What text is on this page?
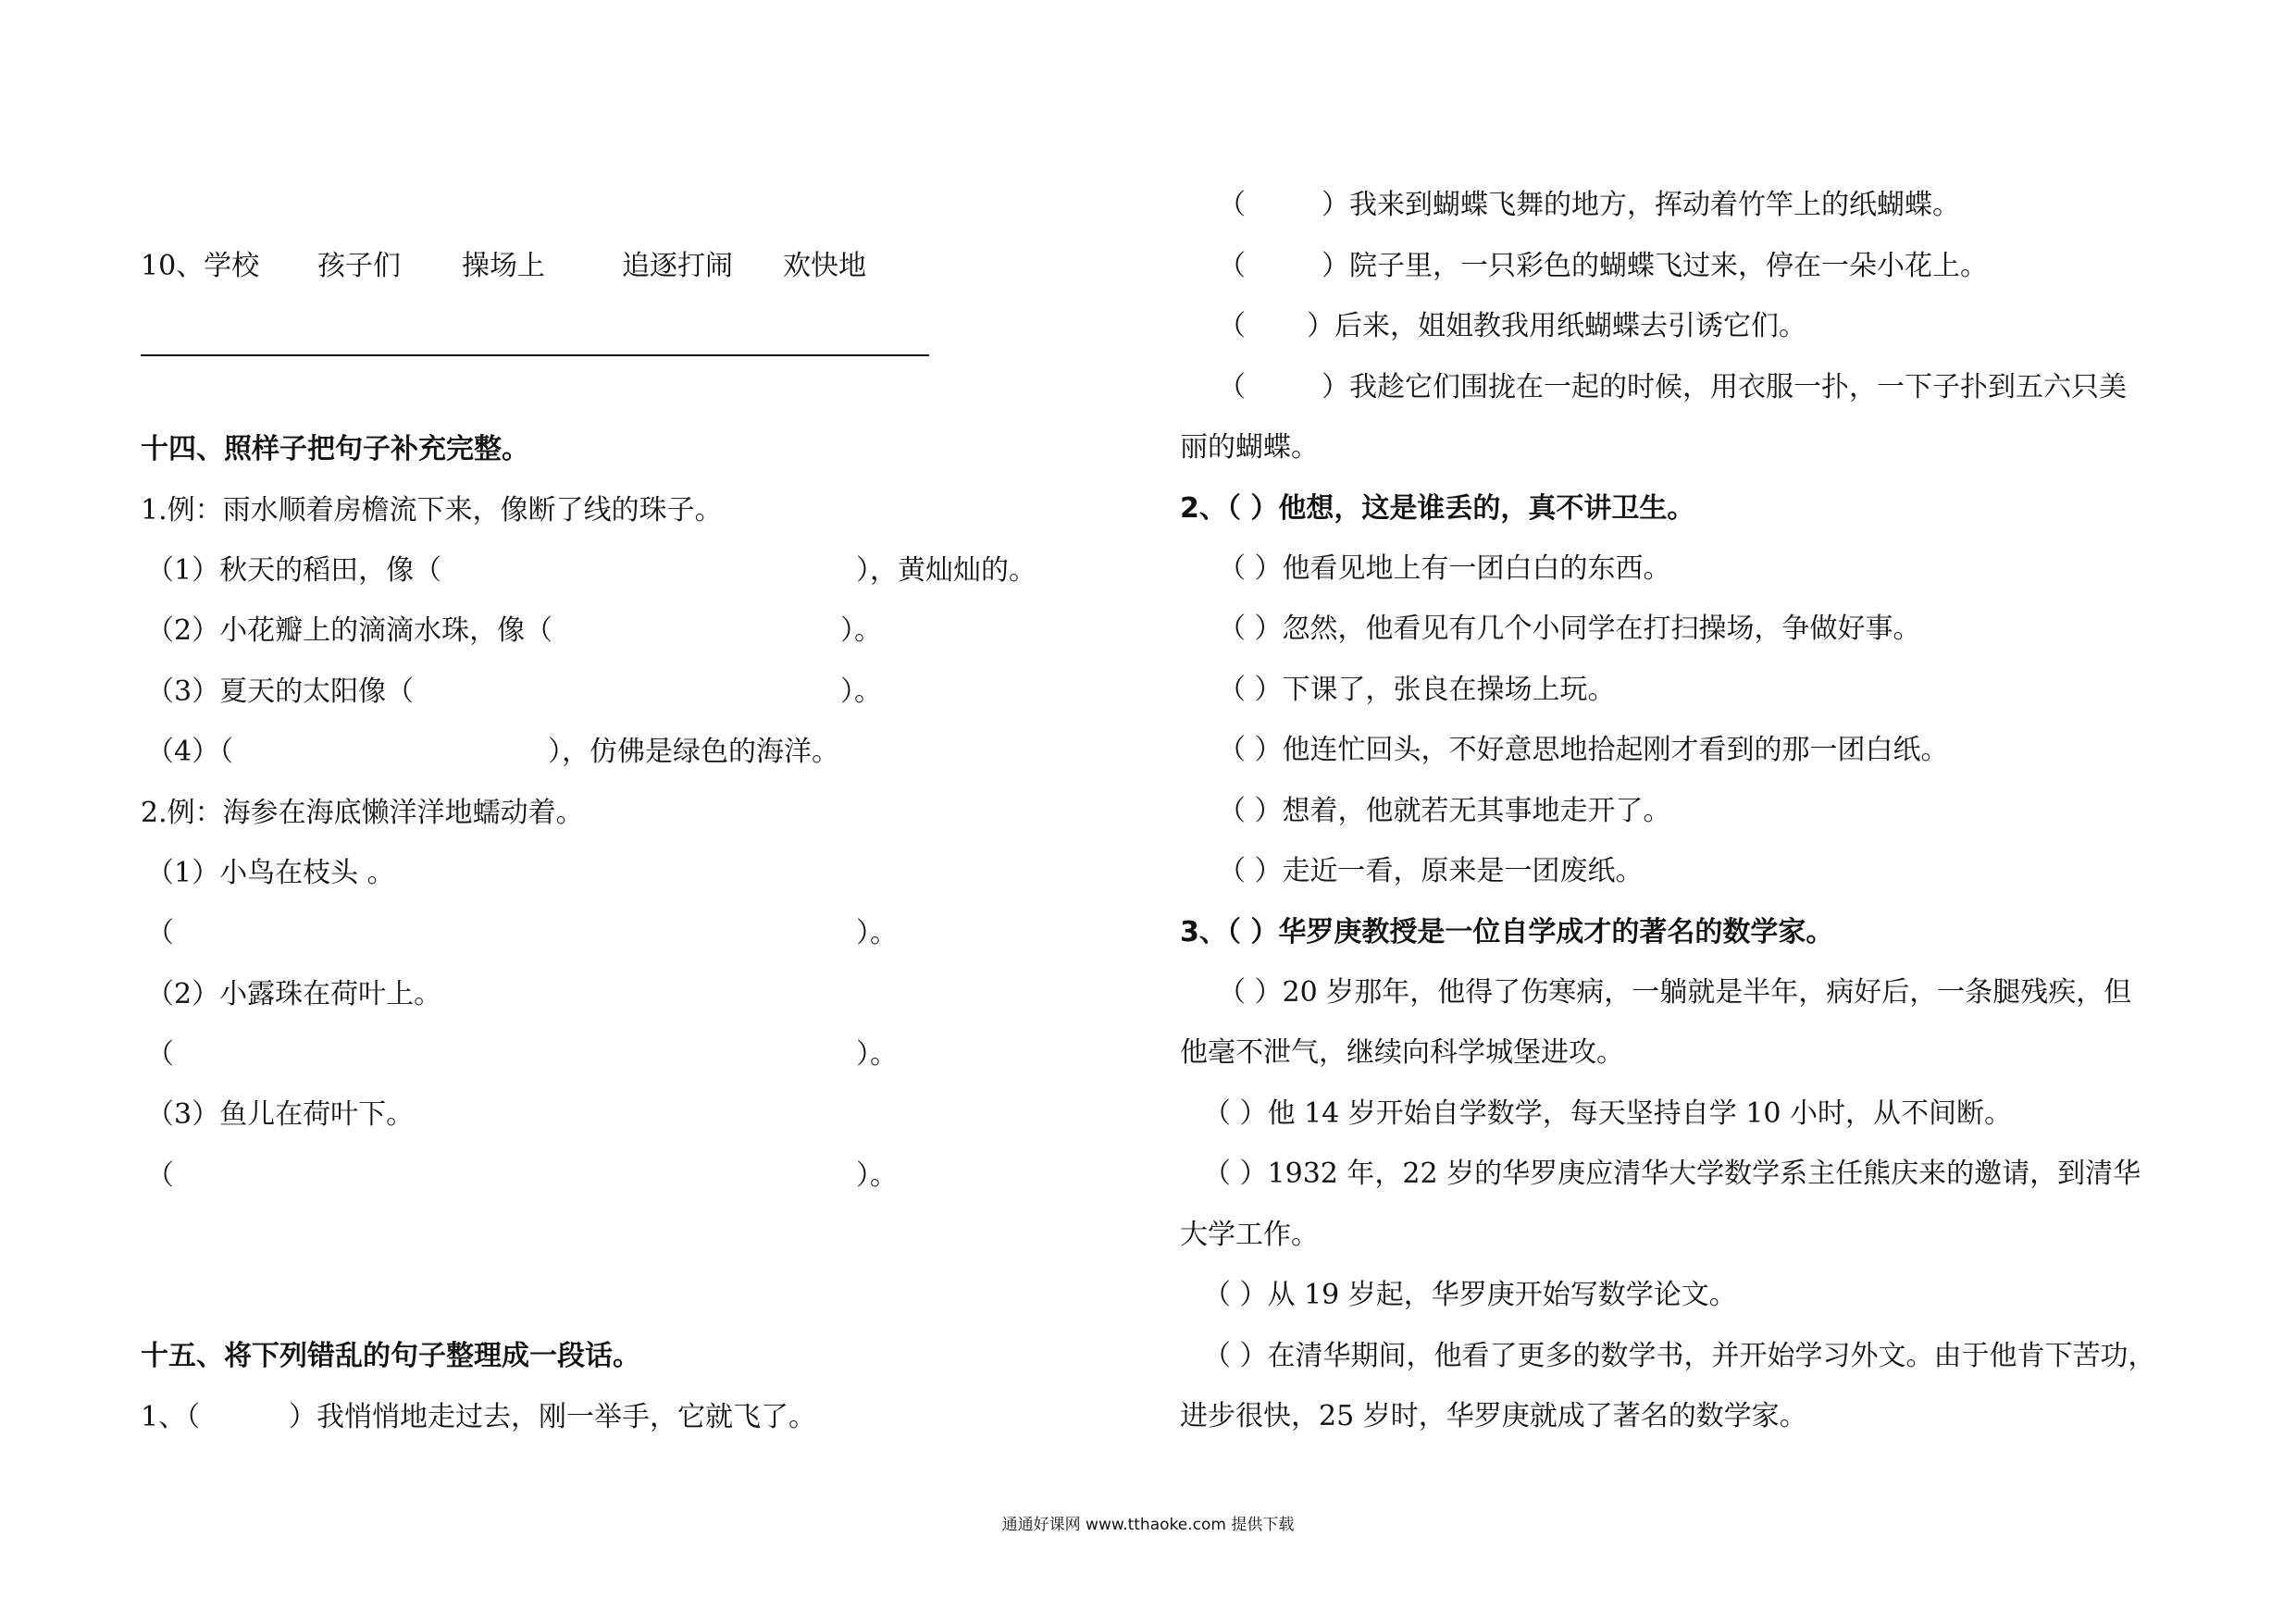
10、学校 孩子们 操场上	追逐打闹 欢快地
十四、照样子把句子补充完整。
1.例：雨水顺着房檐流下来，像断了线的珠子。
（1）秋天的稻田，像（	），黄灿灿的。
（2）小花瓣上的滴滴水珠，像（	）。
（3）夏天的太阳像（	）。
（4）（	），仿佛是绿色的海洋。
2.例：海参在海底懒洋洋地蠕动着。
（1）小鸟在枝头 。
（	）。
（2）小露珠在荷叶上。
（	）。
（3）鱼儿在荷叶下。
（	）。
十五、将下列错乱的句子整理成一段话。
1、（	）我悄悄地走过去，刚一举手，它就飞了。
（	）我来到蝴蝶飞舞的地方，挥动着竹竿上的纸蝴蝶。
（	）院子里，一只彩色的蝴蝶飞过来，停在一朵小花上。
（ ）后来，姐姐教我用纸蝴蝶去引诱它们。
（	）我趁它们围拢在一起的时候，用衣服一扑，一下子扑到五六只美
丽的蝴蝶。
2、（ ）他想，这是谁丢的，真不讲卫生。
（ ）他看见地上有一团白白的东西。
（ ）忽然，他看见有几个小同学在打扫操场，争做好事。
（ ）下课了，张良在操场上玩。
（ ）他连忙回头，不好意思地拾起刚才看到的那一团白纸。
（ ）想着，他就若无其事地走开了。
（ ）走近一看，原来是一团废纸。
3、（ ）华罗庚教授是一位自学成才的著名的数学家。
（ ）20 岁那年，他得了伤寒病，一躺就是半年，病好后，一条腿残疾，但
他毫不泄气，继续向科学城堡进攻。
（ ）他 14 岁开始自学数学，每天坚持自学 10 小时，从不间断。
（ ）1932 年，22 岁的华罗庚应清华大学数学系主任熊庆来的邀请，到清华
大学工作。
（ ）从 19 岁起，华罗庚开始写数学论文。
（ ）在清华期间，他看了更多的数学书，并开始学习外文。由于他肯下苦功，
进步很快，25 岁时，华罗庚就成了著名的数学家。
通通好课网 www.tthaoke.com 提供下载
